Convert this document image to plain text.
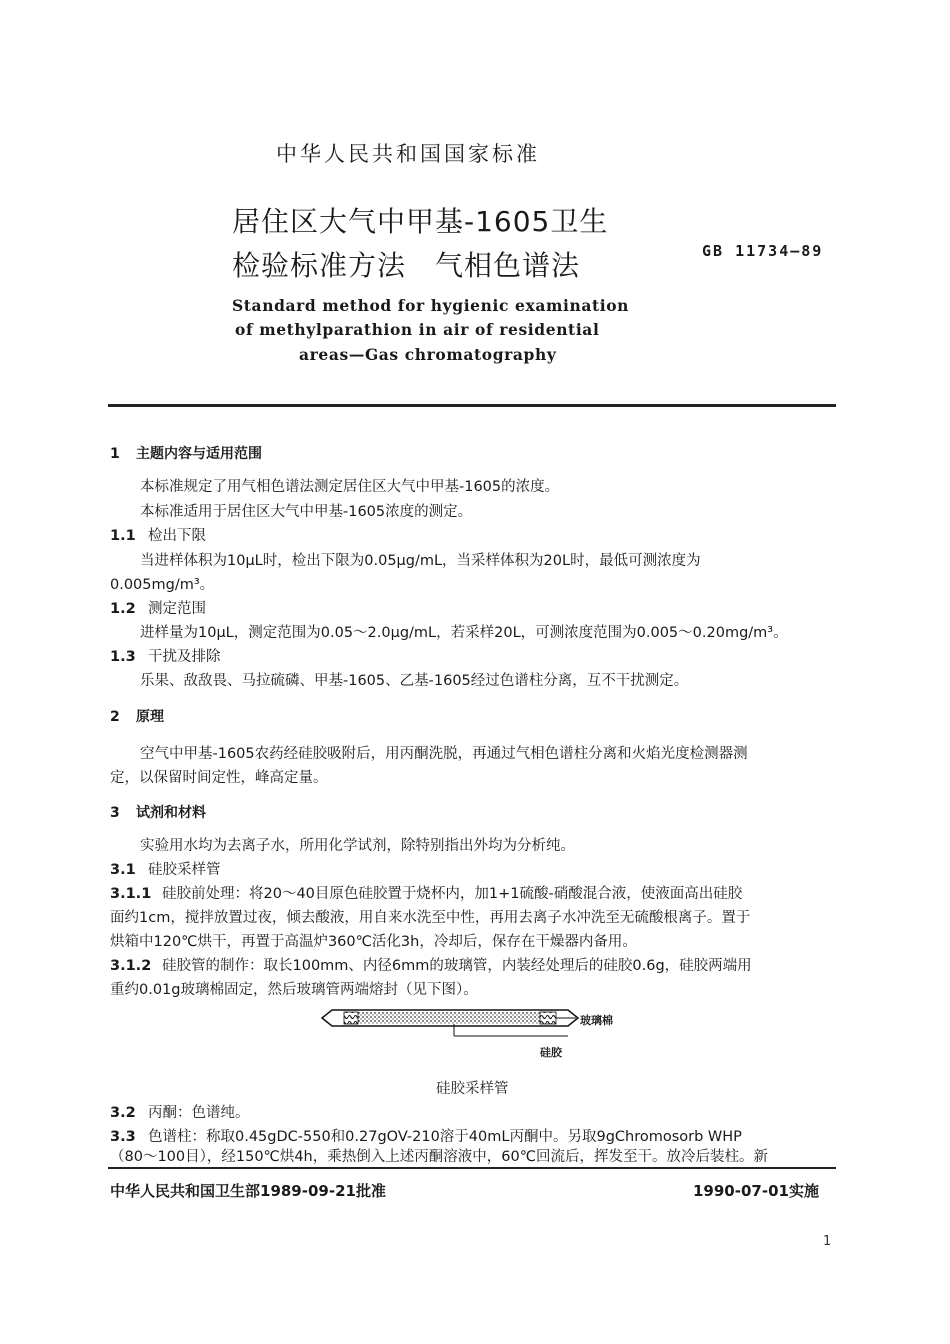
中华人民共和国国家标准
居住区大气中甲基-1605卫生
检验标准方法　气相色谱法	GB 11734—89
Standard method for hygienic examination
of methylparathion in air of residential
areas—Gas chromatography
1 主题内容与适用范围
本标准规定了用气相色谱法测定居住区大气中甲基-1605的浓度。
本标准适用于居住区大气中甲基-1605浓度的测定。
1.1 检出下限
当进样体积为10μL时，检出下限为0.05μg/mL，当采样体积为20L时，最低可测浓度为
0.005mg/m³。
1.2 测定范围
进样量为10μL，测定范围为0.05～2.0μg/mL，若采样20L，可测浓度范围为0.005～0.20mg/m³。
1.3 干扰及排除
乐果、敌敌畏、马拉硫磷、甲基-1605、乙基-1605经过色谱柱分离，互不干扰测定。
2 原理
空气中甲基-1605农药经硅胶吸附后，用丙酮洗脱，再通过气相色谱柱分离和火焰光度检测器测
定，以保留时间定性，峰高定量。
3 试剂和材料
实验用水均为去离子水，所用化学试剂，除特别指出外均为分析纯。
3.1 硅胶采样管
3.1.1 硅胶前处理：将20～40目原色硅胶置于烧杯内，加1+1硫酸-硝酸混合液，使液面高出硅胶
面约1cm，搅拌放置过夜，倾去酸液，用自来水洗至中性，再用去离子水冲洗至无硫酸根离子。置于
烘箱中120℃烘干，再置于高温炉360℃活化3h，冷却后，保存在干燥器内备用。
3.1.2 硅胶管的制作：取长100mm、内径6mm的玻璃管，内装经处理后的硅胶0.6g，硅胶两端用
重约0.01g玻璃棉固定，然后玻璃管两端熔封（见下图）。
玻璃棉
硅胶
硅胶采样管
3.2 丙酮：色谱纯。
3.3 色谱柱：称取0.45gDC-550和0.27gOV-210溶于40mL丙酮中。另取9gChromosorb WHP
（80～100目），经150℃烘4h，乘热倒入上述丙酮溶液中，60℃回流后，挥发至干。放冷后装柱。新
中华人民共和国卫生部1989-09-21批准	1990-07-01实施
1
